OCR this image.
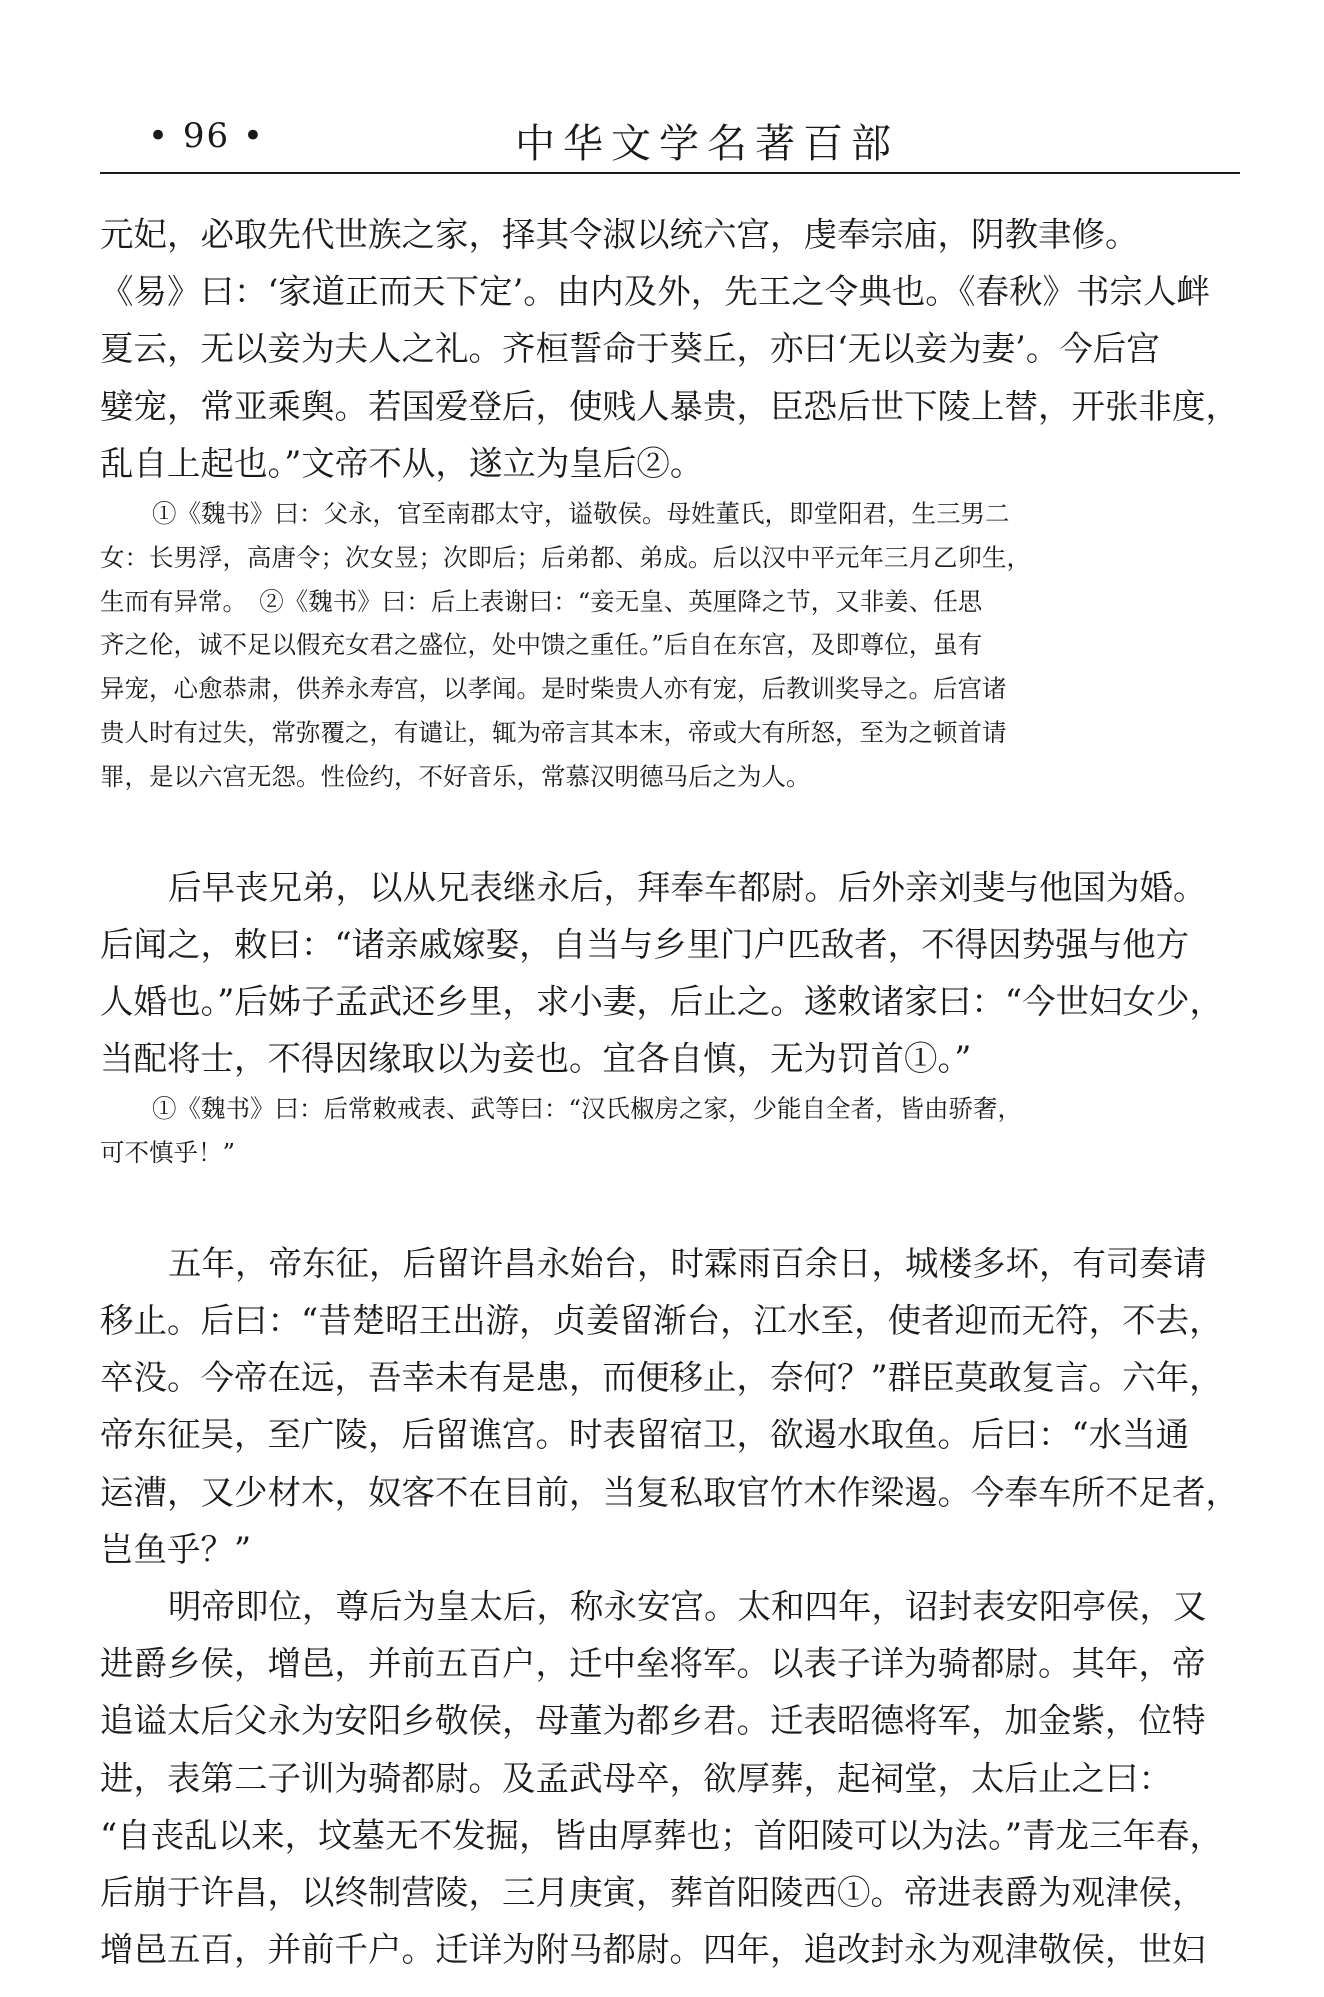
• 96 •	中华文学名著百部
元妃，必取先代世族之家，择其令淑以统六宫，虔奉宗庙，阴教聿修。
《易》曰：‘家道正而天下定’。由内及外，先王之令典也。《春秋》书宗人衅
夏云，无以妾为夫人之礼。齐桓誓命于葵丘，亦曰‘无以妾为妻’。今后宫
嬖宠，常亚乘舆。若国爱登后，使贱人暴贵，臣恐后世下陵上替，开张非度，
乱自上起也。”文帝不从，遂立为皇后②。
①《魏书》曰：父永，官至南郡太守，谥敬侯。母姓董氏，即堂阳君，生三男二
女：长男浮，高唐令；次女昱；次即后；后弟都、弟成。后以汉中平元年三月乙卯生，
生而有异常。　②《魏书》曰：后上表谢曰：“妾无皇、英厘降之节，又非姜、任思
齐之伦，诚不足以假充女君之盛位，处中馈之重任。”后自在东宫，及即尊位，虽有
异宠，心愈恭肃，供养永寿宫，以孝闻。是时柴贵人亦有宠，后教训奖导之。后宫诸
贵人时有过失，常弥覆之，有谴让，辄为帝言其本末，帝或大有所怒，至为之顿首请
罪，是以六宫无怨。性俭约，不好音乐，常慕汉明德马后之为人。
后早丧兄弟，以从兄表继永后，拜奉车都尉。后外亲刘斐与他国为婚。
后闻之，敕曰：“诸亲戚嫁娶，自当与乡里门户匹敌者，不得因势强与他方
人婚也。”后姊子孟武还乡里，求小妻，后止之。遂敕诸家曰：“今世妇女少，
当配将士，不得因缘取以为妾也。宜各自慎，无为罚首①。”
①《魏书》曰：后常敕戒表、武等曰：“汉氏椒房之家，少能自全者，皆由骄奢，
可不慎乎！”
五年，帝东征，后留许昌永始台，时霖雨百余日，城楼多坏，有司奏请
移止。后曰：“昔楚昭王出游，贞姜留渐台，江水至，使者迎而无符，不去，
卒没。今帝在远，吾幸未有是患，而便移止，奈何？”群臣莫敢复言。六年，
帝东征吴，至广陵，后留谯宫。时表留宿卫，欲遏水取鱼。后曰：“水当通
运漕，又少材木，奴客不在目前，当复私取官竹木作梁遏。今奉车所不足者，
岂鱼乎？”
明帝即位，尊后为皇太后，称永安宫。太和四年，诏封表安阳亭侯，又
进爵乡侯，增邑，并前五百户，迁中垒将军。以表子详为骑都尉。其年，帝
追谥太后父永为安阳乡敬侯，母董为都乡君。迁表昭德将军，加金紫，位特
进，表第二子训为骑都尉。及孟武母卒，欲厚葬，起祠堂，太后止之曰：
“自丧乱以来，坟墓无不发掘，皆由厚葬也；首阳陵可以为法。”青龙三年春，
后崩于许昌，以终制营陵，三月庚寅，葬首阳陵西①。帝进表爵为观津侯，
增邑五百，并前千户。迁详为附马都尉。四年，追改封永为观津敬侯，世妇
